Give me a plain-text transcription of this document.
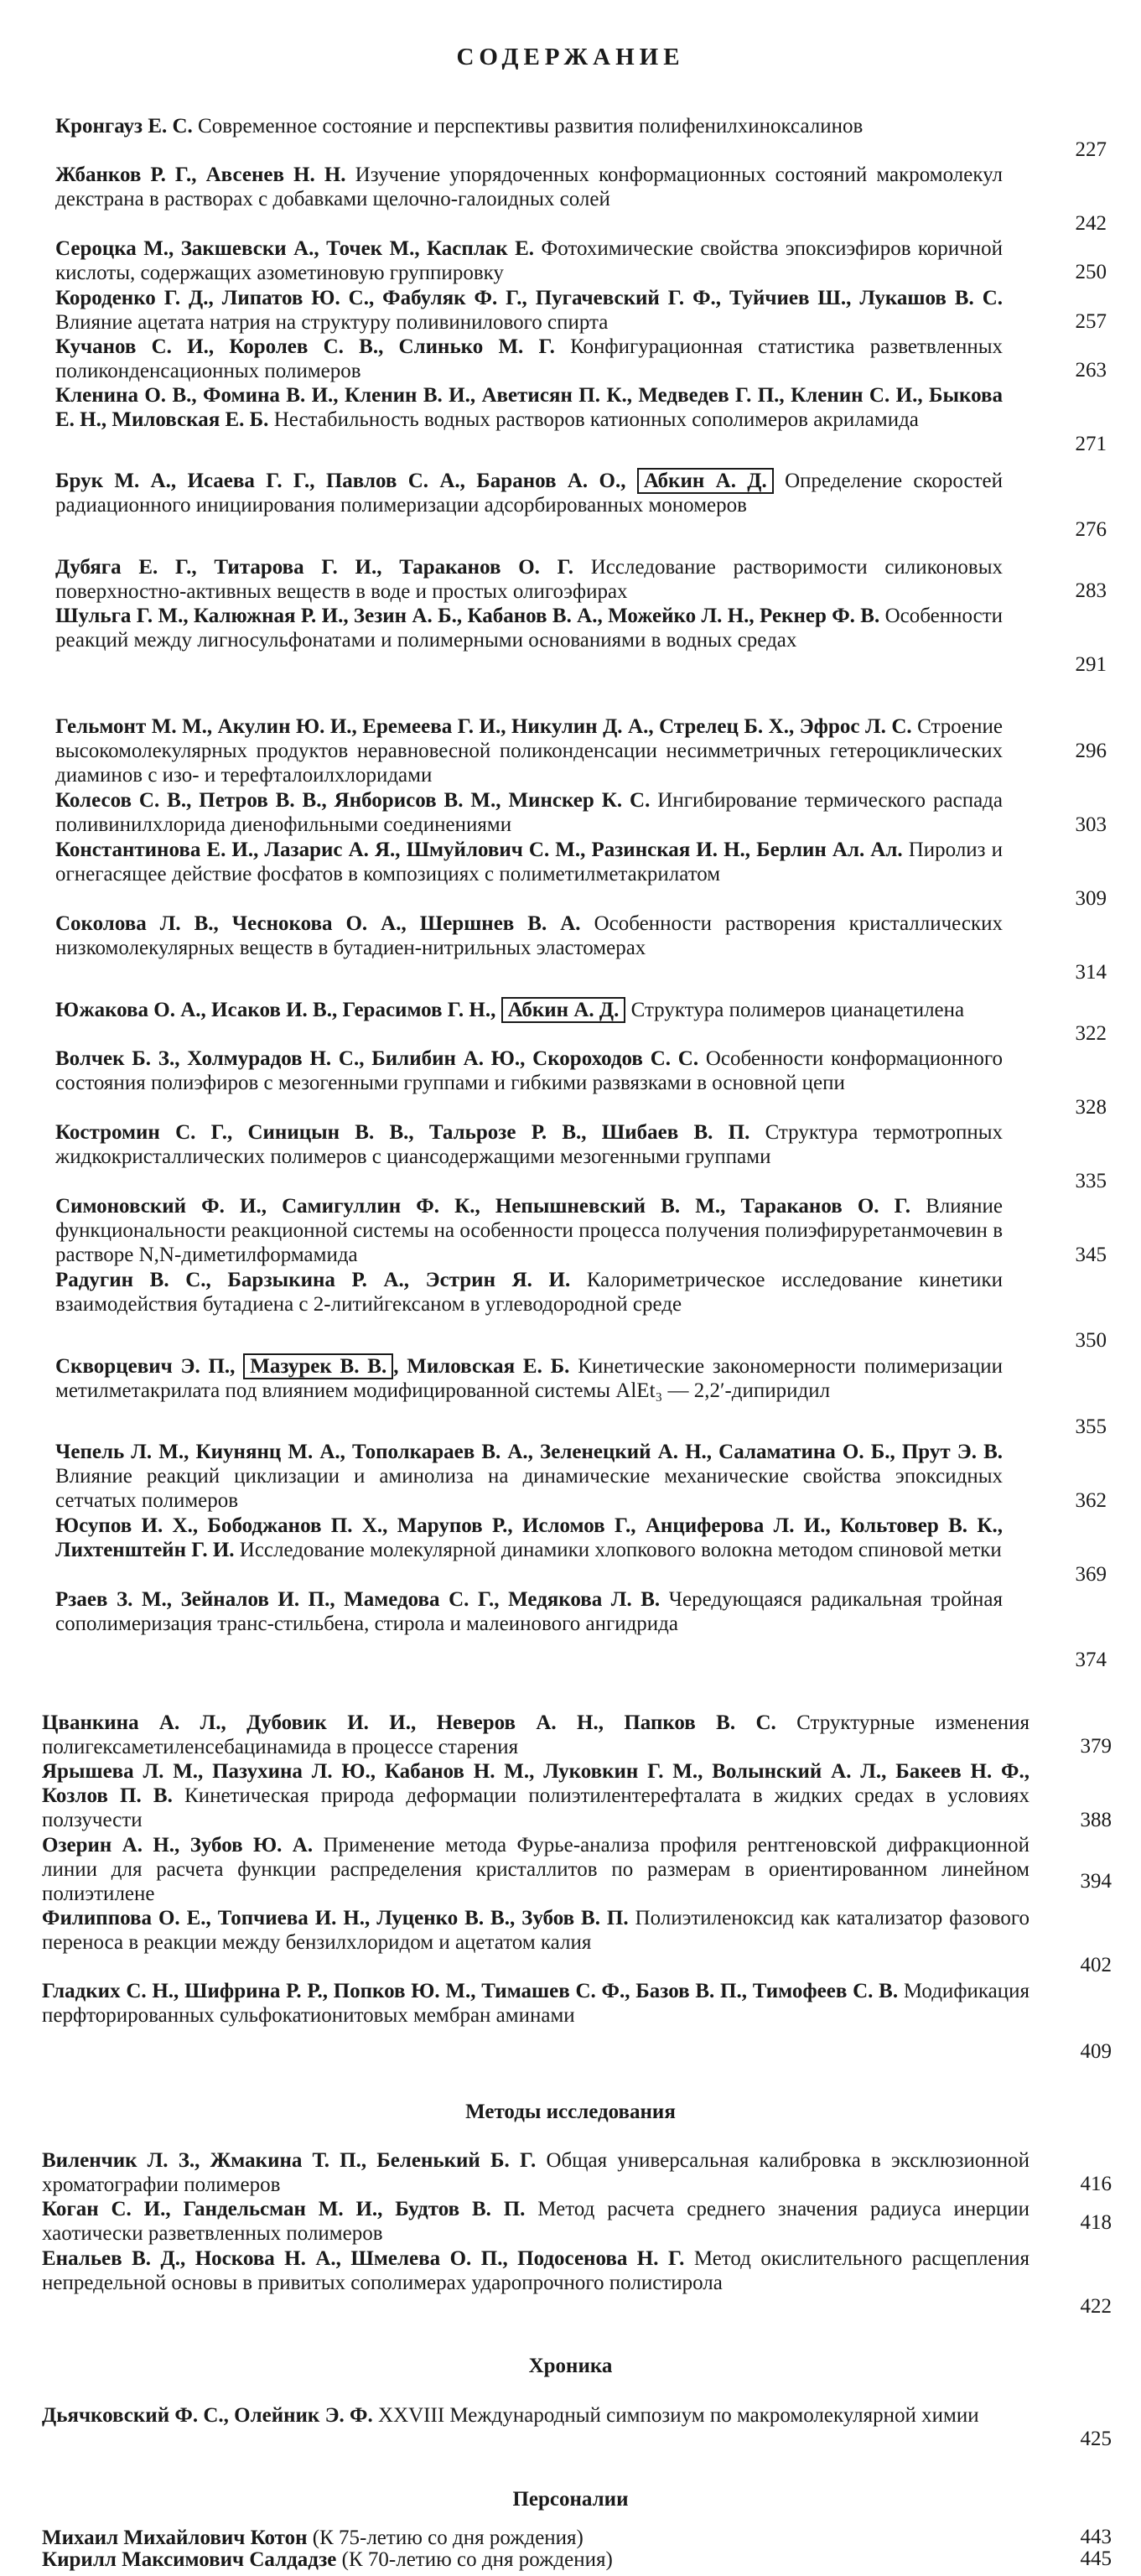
СОДЕРЖАНИЕ
Кронгауз Е. С. Современное состояние и перспективы развития полифенилхиноксалинов
227
Жбанков Р. Г., Авсенев Н. Н. Изучение упорядоченных конформационных состояний макромолекул декстрана в растворах с добавками щелочно-галоидных солей
242
Сероцка М., Закшевски А., Точек М., Касплак Е. Фотохимические свойства эпоксиэфиров коричной кислоты, содержащих азометиновую группировку	250
Короденко Г. Д., Липатов Ю. С., Фабуляк Ф. Г., Пугачевский Г. Ф., Туйчиев Ш., Лукашов В. С. Влияние ацетата натрия на структуру поливинилового спирта	257
Кучанов С. И., Королев С. В., Слинько М. Г. Конфигурационная статистика разветвленных поликонденсационных полимеров	263
Кленина О. В., Фомина В. И., Кленин В. И., Аветисян П. К., Медведев Г. П., Кленин С. И., Быкова Е. Н., Миловская Е. Б. Нестабильность водных растворов катионных сополимеров акриламида
271
Брук М. А., Исаева Г. Г., Павлов С. А., Баранов А. О., Абкин А. Д. Определение скоростей радиационного инициирования полимеризации адсорбированных мономеров
276
Дубяга Е. Г., Титарова Г. И., Тараканов О. Г. Исследование растворимости силиконовых поверхностно-активных веществ в воде и простых олигоэфирах	283
Шульга Г. М., Калюжная Р. И., Зезин А. Б., Кабанов В. А., Можейко Л. Н., Рекнер Ф. В. Особенности реакций между лигносульфонатами и полимерными основаниями в водных средах
291
Гельмонт М. М., Акулин Ю. И., Еремеева Г. И., Никулин Д. А., Стрелец Б. Х., Эфрос Л. С. Строение высокомолекулярных продуктов неравновесной поликонденсации несимметричных гетероциклических диаминов с изо- и терефталоилхлоридами
296
Колесов С. В., Петров В. В., Янборисов В. М., Минскер К. С. Ингибирование термического распада поливинилхлорида диенофильными соединениями	303
Константинова Е. И., Лазарис А. Я., Шмуйлович С. М., Разинская И. Н., Берлин Ал. Ал. Пиролиз и огнегасящее действие фосфатов в композициях с полиметилметакрилатом
309
Соколова Л. В., Чеснокова О. А., Шершнев В. А. Особенности растворения кристаллических низкомолекулярных веществ в бутадиен-нитрильных эластомерах
314
Южакова О. А., Исаков И. В., Герасимов Г. Н., Абкин А. Д. Структура полимеров цианацетилена
322
Волчек Б. З., Холмурадов Н. С., Билибин А. Ю., Скороходов С. С. Особенности конформационного состояния полиэфиров с мезогенными группами и гибкими развязками в основной цепи
328
Костромин С. Г., Синицын В. В., Тальрозе Р. В., Шибаев В. П. Структура термотропных жидкокристаллических полимеров с циансодержащими мезогенными группами
335
Симоновский Ф. И., Самигуллин Ф. К., Непышневский В. М., Тараканов О. Г. Влияние функциональности реакционной системы на особенности процесса получения полиэфируретанмочевин в растворе N,N-диметилформамида	345
Радугин В. С., Барзыкина Р. А., Эстрин Я. И. Калориметрическое исследование кинетики взаимодействия бутадиена с 2-литийгексаном в углеводородной среде
350
Скворцевич Э. П., Мазурек В. В. , Миловская Е. Б. Кинетические закономерности полимеризации метилметакрилата под влиянием модифицированной системы AlEt₃ — 2,2′-дипиридил
355
Чепель Л. М., Киунянц М. А., Тополкараев В. А., Зеленецкий А. Н., Саламатина О. Б., Прут Э. В. Влияние реакций циклизации и аминолиза на динамические механические свойства эпоксидных сетчатых полимеров	362
Юсупов И. Х., Бободжанов П. Х., Марупов Р., Исломов Г., Анциферова Л. И., Кольтовер В. К., Лихтенштейн Г. И. Исследование молекулярной динамики хлопкового волокна методом спиновой метки
369
Рзаев З. М., Зейналов И. П., Мамедова С. Г., Медякова Л. В. Чередующаяся радикальная тройная сополимеризация транс-стильбена, стирола и малеинового ангидрида
374
Цванкина А. Л., Дубовик И. И., Неверов А. Н., Папков В. С. Структурные изменения полигексаметиленсебацинамида в процессе старения	379
Ярышева Л. М., Пазухина Л. Ю., Кабанов Н. М., Луковкин Г. М., Волынский А. Л., Бакеев Н. Ф., Козлов П. В. Кинетическая природа деформации полиэтилентерефталата в жидких средах в условиях ползучести	388
Озерин А. Н., Зубов Ю. А. Применение метода Фурье-анализа профиля рентгеновской дифракционной линии для расчета функции распределения кристаллитов по размерам в ориентированном линейном полиэтилене
394
Филиппова О. Е., Топчиева И. Н., Луценко В. В., Зубов В. П. Полиэтиленоксид как катализатор фазового переноса в реакции между бензилхлоридом и ацетатом калия
402
Гладких С. Н., Шифрина Р. Р., Попков Ю. М., Тимашев С. Ф., Базов В. П., Тимофеев С. В. Модификация перфторированных сульфокатионитовых мембран аминами
409
Методы исследования
Виленчик Л. З., Жмакина Т. П., Беленький Б. Г. Общая универсальная калибровка в эксклюзионной хроматографии полимеров	416
Коган С. И., Гандельсман М. И., Будтов В. П. Метод расчета среднего значения радиуса инерции хаотически разветвленных полимеров	418
Енальев В. Д., Носкова Н. А., Шмелева О. П., Подосенова Н. Г. Метод окислительного расщепления непредельной основы в привитых сополимерах ударопрочного полистирола
422
Хроника
Дьячковский Ф. С., Олейник Э. Ф. XXVIII Международный симпозиум по макромолекулярной химии
425
Персоналии
Михаил Михайлович Котон (К 75-летию со дня рождения)	443
Кирилл Максимович Салдадзе (К 70-летию со дня рождения)	445
